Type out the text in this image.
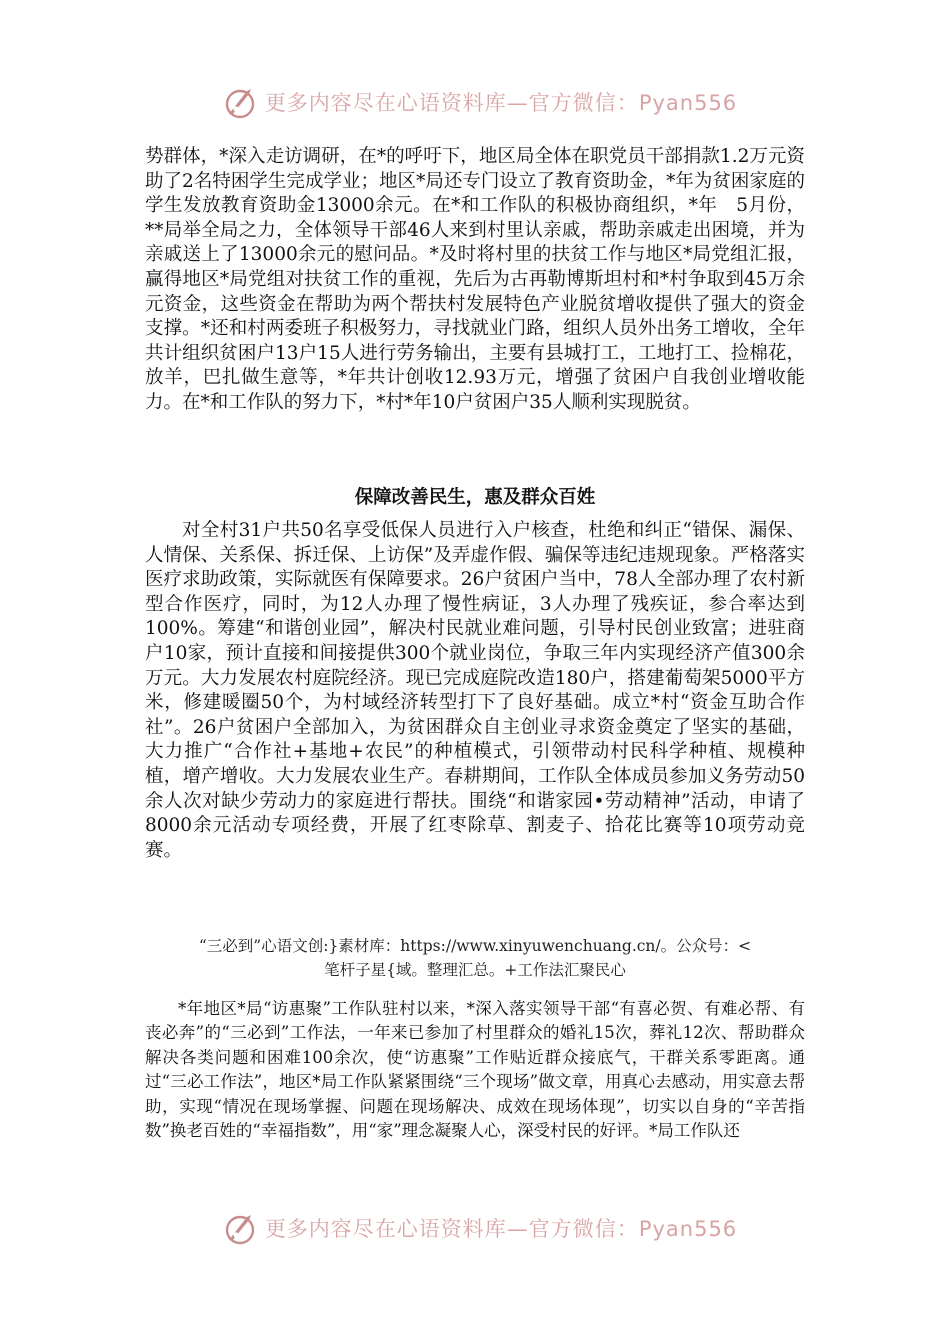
更多内容尽在心语资料库—官方微信：Pyan556

势群体，*深入走访调研，在*的呼吁下，地区局全体在职党员干部捐款1.2万元资助了2名特困学生完成学业；地区*局还专门设立了教育资助金，*年为贫困家庭的学生发放教育资助金13000余元。在*和工作队的积极协商组织，*年　5月份，**局举全局之力，全体领导干部46人来到村里认亲戚，帮助亲戚走出困境，并为亲戚送上了13000余元的慰问品。*及时将村里的扶贫工作与地区*局党组汇报，赢得地区*局党组对扶贫工作的重视，先后为古再勒博斯坦村和*村争取到45万余元资金，这些资金在帮助为两个帮扶村发展特色产业脱贫增收提供了强大的资金支撑。*还和村两委班子积极努力，寻找就业门路，组织人员外出务工增收，全年共计组织贫困户13户15人进行劳务输出，主要有县城打工，工地打工、捡棉花，放羊，巴扎做生意等，*年共计创收12.93万元，增强了贫困户自我创业增收能力。在*和工作队的努力下，*村*年10户贫困户35人顺利实现脱贫。

保障改善民生，惠及群众百姓

对全村31户共50名享受低保人员进行入户核查，杜绝和纠正“错保、漏保、人情保、关系保、拆迁保、上访保”及弄虚作假、骗保等违纪违规现象。严格落实医疗求助政策，实际就医有保障要求。26户贫困户当中，78人全部办理了农村新型合作医疗，同时，为12人办理了慢性病证，3人办理了残疾证，参合率达到100%。筹建“和谐创业园”，解决村民就业难问题，引导村民创业致富；进驻商户10家，预计直接和间接提供300个就业岗位，争取三年内实现经济产值300余万元。大力发展农村庭院经济。现已完成庭院改造180户，搭建葡萄架5000平方米，修建暖圈50个，为村域经济转型打下了良好基础。成立*村“资金互助合作社”。26户贫困户全部加入，为贫困群众自主创业寻求资金奠定了坚实的基础，大力推广“合作社+基地+农民”的种植模式，引领带动村民科学种植、规模种植，增产增收。大力发展农业生产。春耕期间，工作队全体成员参加义务劳动50余人次对缺少劳动力的家庭进行帮扶。围绕“和谐家园•劳动精神”活动，申请了8000余元活动专项经费，开展了红枣除草、割麦子、拾花比赛等10项劳动竞赛。

“三必到”心语文创:}素材库：https://www.xinyuwenchuang.cn/。公众号：<
笔杆子星{域。整理汇总。+工作法汇聚民心

*年地区*局“访惠聚”工作队驻村以来，*深入落实领导干部“有喜必贺、有难必帮、有丧必奔”的“三必到”工作法，一年来已参加了村里群众的婚礼15次，葬礼12次、帮助群众解决各类问题和困难100余次，使“访惠聚”工作贴近群众接底气，干群关系零距离。通过“三必工作法”，地区*局工作队紧紧围绕“三个现场”做文章，用真心去感动，用实意去帮助，实现“情况在现场掌握、问题在现场解决、成效在现场体现”，切实以自身的“辛苦指数”换老百姓的“幸福指数”，用“家”理念凝聚人心，深受村民的好评。*局工作队还

更多内容尽在心语资料库—官方微信：Pyan556
